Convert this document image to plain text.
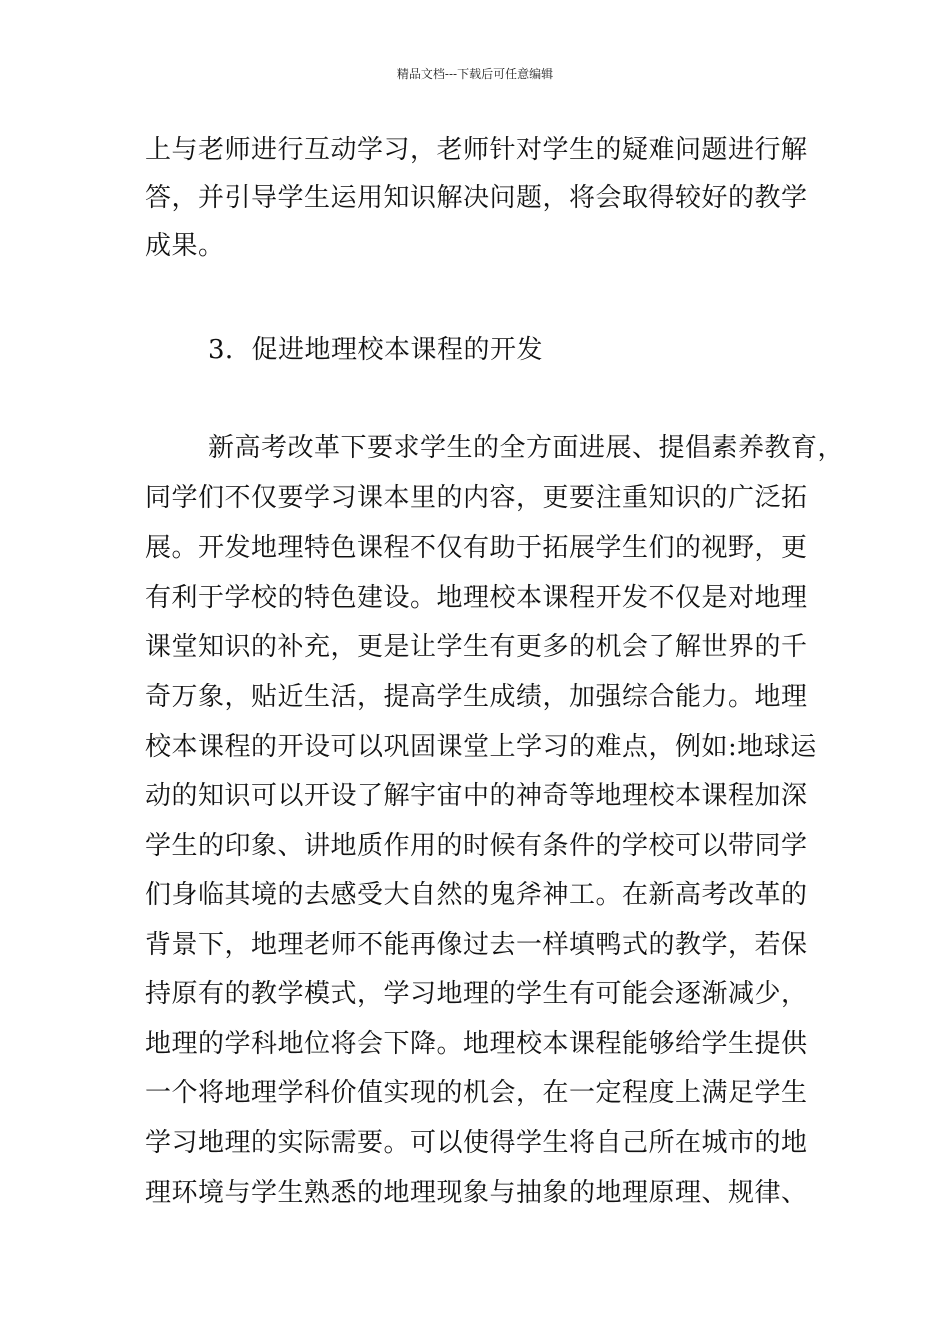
精品文档---下载后可任意编辑
上与老师进行互动学习，老师针对学生的疑难问题进行解
答，并引导学生运用知识解决问题，将会取得较好的教学
成果。
3．促进地理校本课程的开发
新高考改革下要求学生的全方面进展、提倡素养教育，
同学们不仅要学习课本里的内容，更要注重知识的广泛拓
展。开发地理特色课程不仅有助于拓展学生们的视野，更
有利于学校的特色建设。地理校本课程开发不仅是对地理
课堂知识的补充，更是让学生有更多的机会了解世界的千
奇万象，贴近生活，提高学生成绩，加强综合能力。地理
校本课程的开设可以巩固课堂上学习的难点，例如:地球运
动的知识可以开设了解宇宙中的神奇等地理校本课程加深
学生的印象、讲地质作用的时候有条件的学校可以带同学
们身临其境的去感受大自然的鬼斧神工。在新高考改革的
背景下，地理老师不能再像过去一样填鸭式的教学，若保
持原有的教学模式，学习地理的学生有可能会逐渐减少，
地理的学科地位将会下降。地理校本课程能够给学生提供
一个将地理学科价值实现的机会，在一定程度上满足学生
学习地理的实际需要。可以使得学生将自己所在城市的地
理环境与学生熟悉的地理现象与抽象的地理原理、规律、
